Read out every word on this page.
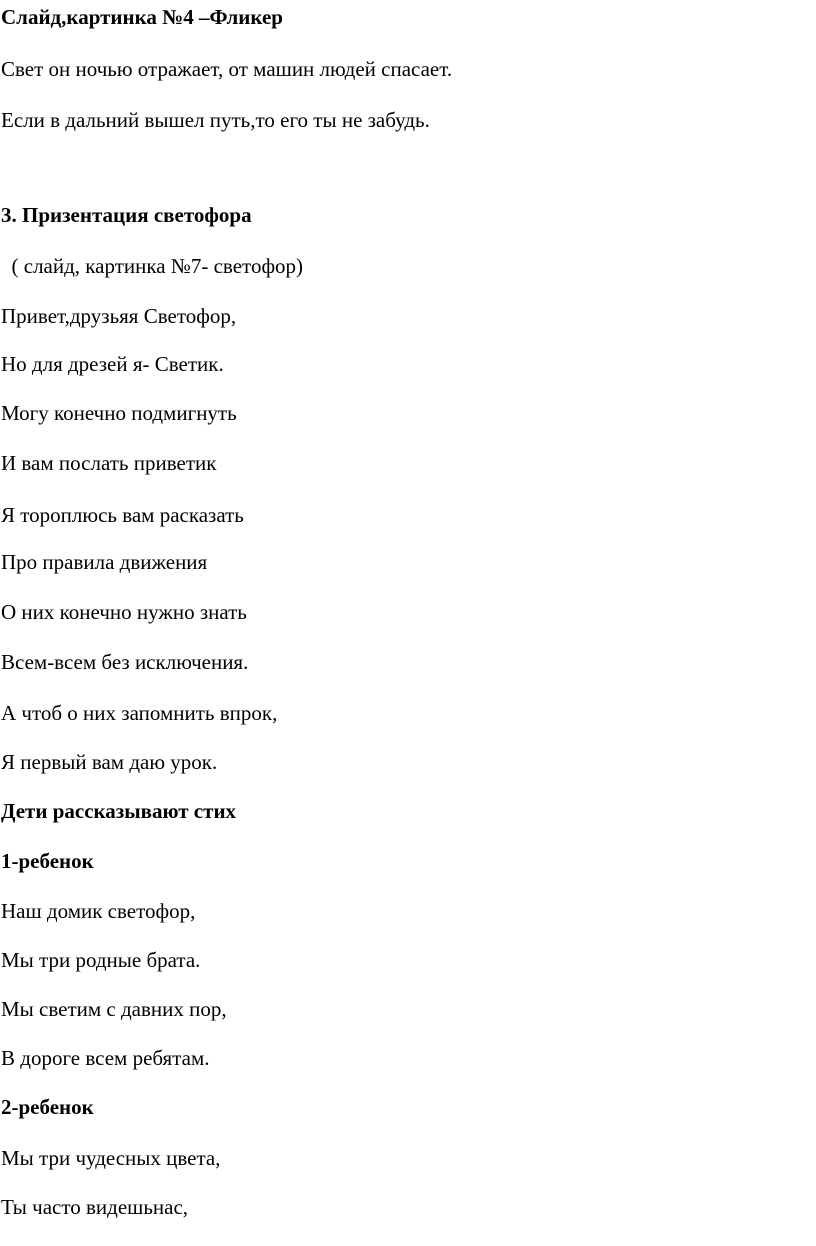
Слайд,картинка №4 –Фликер

Свет он ночью отражает, от машин людей спасает.

Если в дальний вышел путь,то его ты не забудь.

3. Призентация светофора

( слайд, картинка №7- светофор)

Привет,друзьяя Светофор,

Но для дрезей я- Светик.

Могу конечно подмигнуть

И вам послать приветик

Я тороплюсь вам расказать

Про правила движения

О них конечно нужно знать

Всем-всем без исключения.

А чтоб о них запомнить впрок,

Я первый вам даю урок.

Дети рассказывают стих

1-ребенок

Наш домик светофор,

Мы три родные брата.

Мы светим с давних пор,

В дороге всем ребятам.

2-ребенок

Мы три чудесных цвета,

Ты часто видешьнас,
